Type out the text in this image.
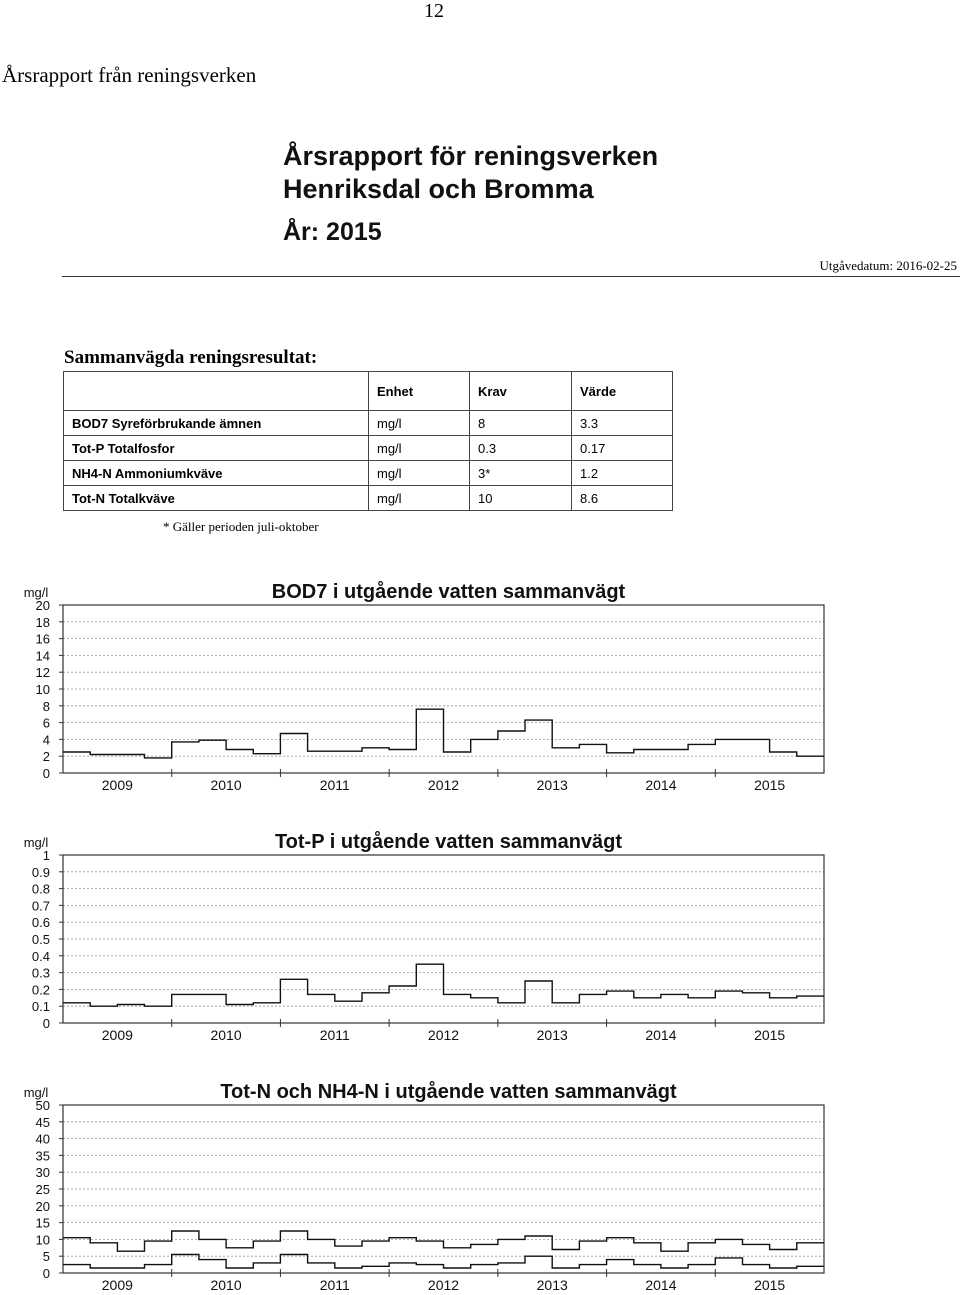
12
Årsrapport från reningsverken
Årsrapport för reningsverken
Henriksdal och Bromma
År: 2015
Utgåvedatum: 2016-02-25
Sammanvägda reningsresultat:
	Enhet	Krav	Värde
BOD7 Syreförbrukande ämnen	mg/l	8	3.3
Tot-P Totalfosfor	mg/l	0.3	0.17
NH4-N Ammoniumkväve	mg/l	3*	1.2
Tot-N Totalkväve	mg/l	10	8.6
* Gäller perioden juli-oktober
BOD7 i utgående vatten sammanvägt
mg/l
0
2
4
6
8
10
12
14
16
18
20
2009	2010	2011	2012	2013	2014	2015
Tot-P i utgående vatten sammanvägt
mg/l
0
0.1
0.2
0.3
0.4
0.5
0.6
0.7
0.8
0.9
1
2009	2010	2011	2012	2013	2014	2015
Tot-N och NH4-N i utgående vatten sammanvägt
mg/l
0
5
10
15
20
25
30
35
40
45
50
2009	2010	2011	2012	2013	2014	2015
